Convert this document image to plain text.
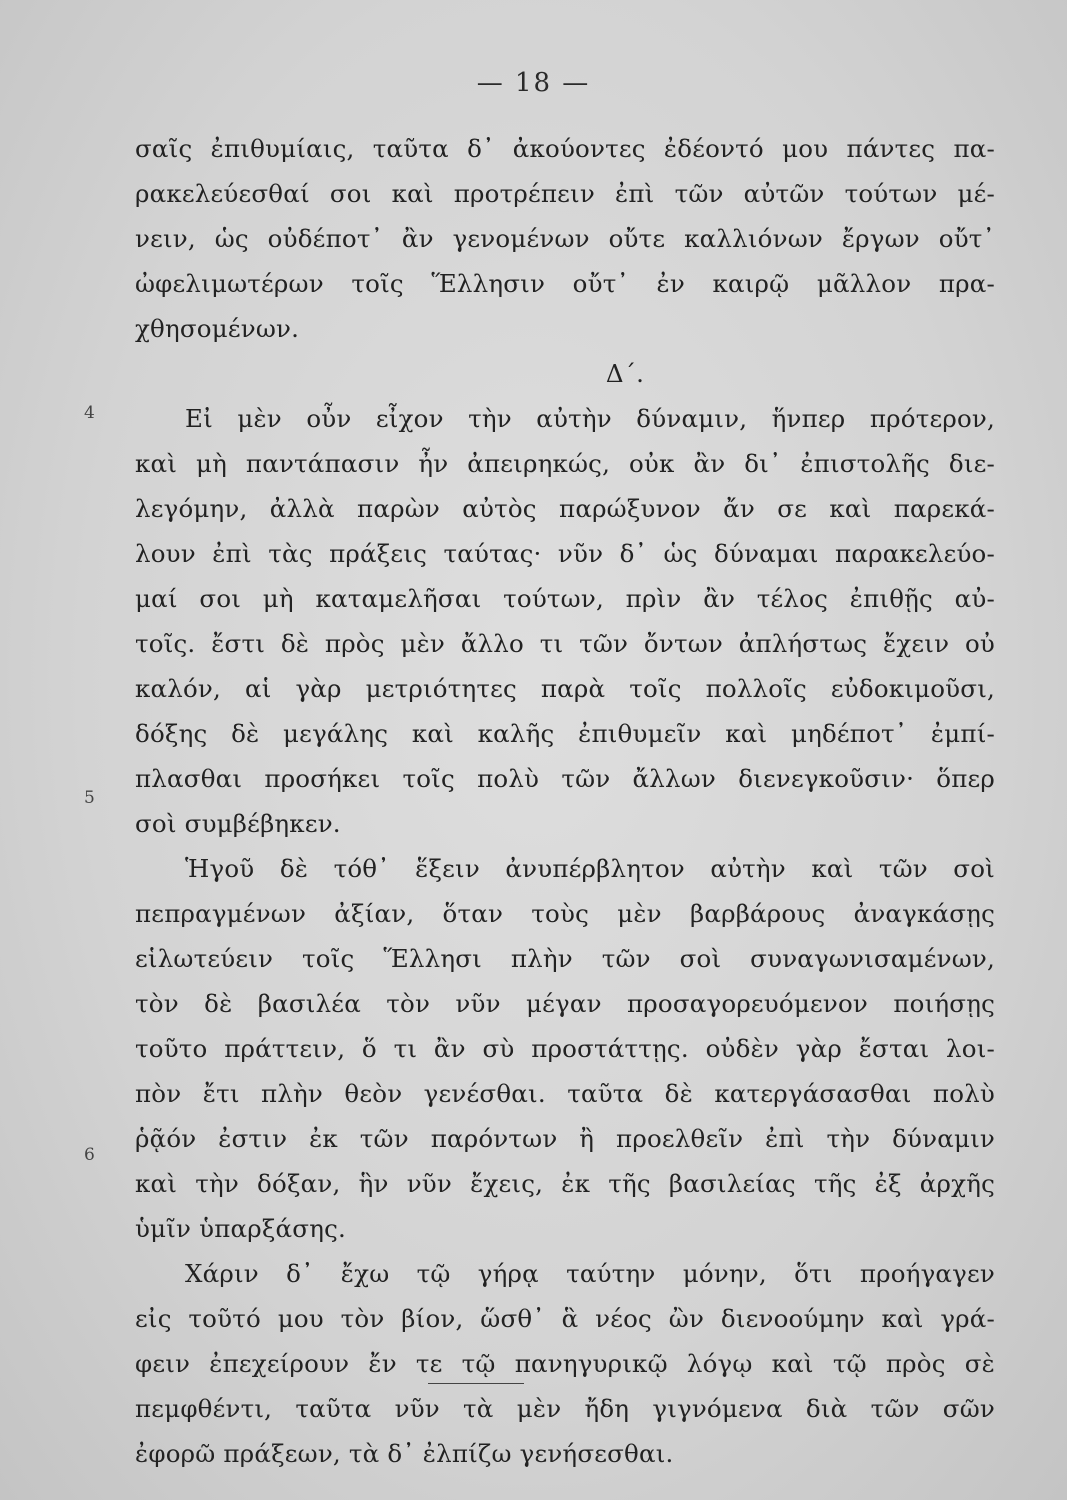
— 18 —
4
5
6
σαῖς ἐπιθυμίαις, ταῦτα δ᾽ ἀκούοντες ἐδέοντό μου πάντες πα-
ρακελεύεσθαί σοι καὶ προτρέπειν ἐπὶ τῶν αὐτῶν τούτων μέ-
νειν, ὡς οὐδέποτ᾽ ἂν γενομένων οὔτε καλλιόνων ἔργων οὔτ᾽
ὠφελιμωτέρων τοῖς Ἕλλησιν οὔτ᾽ ἐν καιρῷ μᾶλλον πρα-
χθησομένων.
Δ΄.
Εἰ μὲν οὖν εἶχον τὴν αὐτὴν δύναμιν, ἥνπερ πρότερον,
καὶ μὴ παντάπασιν ἦν ἀπειρηκώς, οὐκ ἂν δι᾽ ἐπιστολῆς διε-
λεγόμην, ἀλλὰ παρὼν αὐτὸς παρώξυνον ἄν σε καὶ παρεκά-
λουν ἐπὶ τὰς πράξεις ταύτας· νῦν δ᾽ ὡς δύναμαι παρακελεύο-
μαί σοι μὴ καταμελῆσαι τούτων, πρὶν ἂν τέλος ἐπιθῇς αὐ-
τοῖς. ἔστι δὲ πρὸς μὲν ἄλλο τι τῶν ὄντων ἀπλήστως ἔχειν οὐ
καλόν, αἱ γὰρ μετριότητες παρὰ τοῖς πολλοῖς εὐδοκιμοῦσι,
δόξης δὲ μεγάλης καὶ καλῆς ἐπιθυμεῖν καὶ μηδέποτ᾽ ἐμπί-
πλασθαι προσήκει τοῖς πολὺ τῶν ἄλλων διενεγκοῦσιν· ὅπερ
σοὶ συμβέβηκεν.
Ἡγοῦ δὲ τόθ᾽ ἕξειν ἀνυπέρβλητον αὐτὴν καὶ τῶν σοὶ
πεπραγμένων ἀξίαν, ὅταν τοὺς μὲν βαρβάρους ἀναγκάσῃς
εἱλωτεύειν τοῖς Ἕλλησι πλὴν τῶν σοὶ συναγωνισαμένων,
τὸν δὲ βασιλέα τὸν νῦν μέγαν προσαγορευόμενον ποιήσῃς
τοῦτο πράττειν, ὅ τι ἂν σὺ προστάττῃς. οὐδὲν γὰρ ἔσται λοι-
πὸν ἔτι πλὴν θεὸν γενέσθαι. ταῦτα δὲ κατεργάσασθαι πολὺ
ῥᾷόν ἐστιν ἐκ τῶν παρόντων ἢ προελθεῖν ἐπὶ τὴν δύναμιν
καὶ τὴν δόξαν, ἣν νῦν ἔχεις, ἐκ τῆς βασιλείας τῆς ἐξ ἀρχῆς
ὑμῖν ὑπαρξάσης.
Χάριν δ᾽ ἔχω τῷ γήρᾳ ταύτην μόνην, ὅτι προήγαγεν
εἰς τοῦτό μου τὸν βίον, ὥσθ᾽ ἃ νέος ὢν διενοούμην καὶ γρά-
φειν ἐπεχείρουν ἔν τε τῷ πανηγυρικῷ λόγῳ καὶ τῷ πρὸς σὲ
πεμφθέντι, ταῦτα νῦν τὰ μὲν ἤδη γιγνόμενα διὰ τῶν σῶν
ἐφορῶ πράξεων, τὰ δ᾽ ἐλπίζω γενήσεσθαι.
